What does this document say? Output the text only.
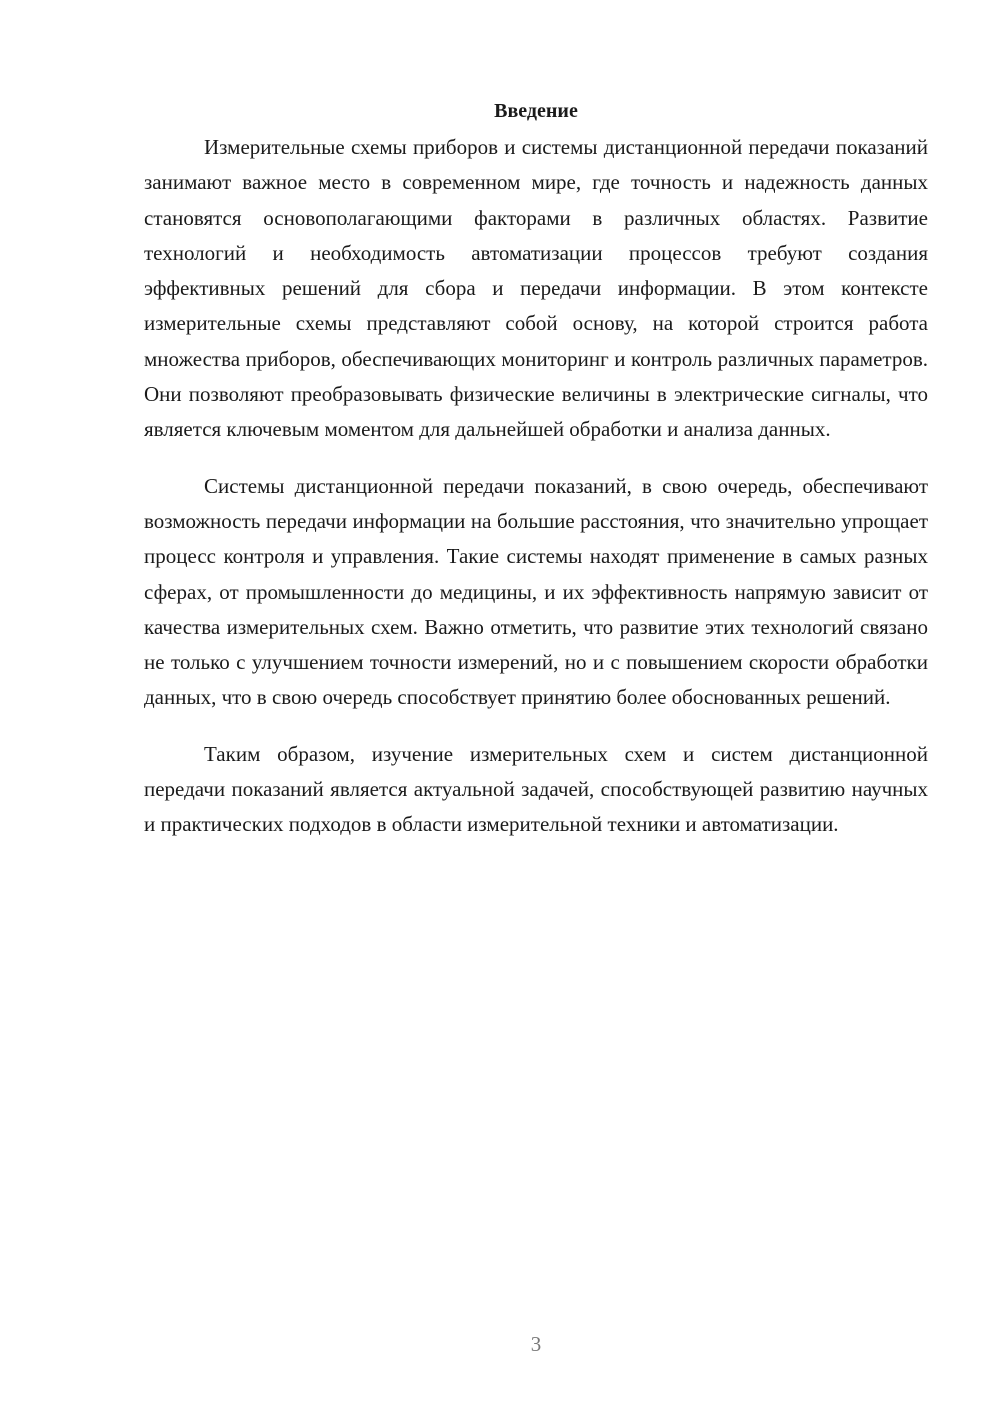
Введение

Измерительные схемы приборов и системы дистанционной передачи показаний занимают важное место в современном мире, где точность и надежность данных становятся основополагающими факторами в различных областях. Развитие технологий и необходимость автоматизации процессов требуют создания эффективных решений для сбора и передачи информации. В этом контексте измерительные схемы представляют собой основу, на которой строится работа множества приборов, обеспечивающих мониторинг и контроль различных параметров. Они позволяют преобразовывать физические величины в электрические сигналы, что является ключевым моментом для дальнейшей обработки и анализа данных.

Системы дистанционной передачи показаний, в свою очередь, обеспечивают возможность передачи информации на большие расстояния, что значительно упрощает процесс контроля и управления. Такие системы находят применение в самых разных сферах, от промышленности до медицины, и их эффективность напрямую зависит от качества измерительных схем. Важно отметить, что развитие этих технологий связано не только с улучшением точности измерений, но и с повышением скорости обработки данных, что в свою очередь способствует принятию более обоснованных решений.

Таким образом, изучение измерительных схем и систем дистанционной передачи показаний является актуальной задачей, способствующей развитию научных и практических подходов в области измерительной техники и автоматизации.

3
